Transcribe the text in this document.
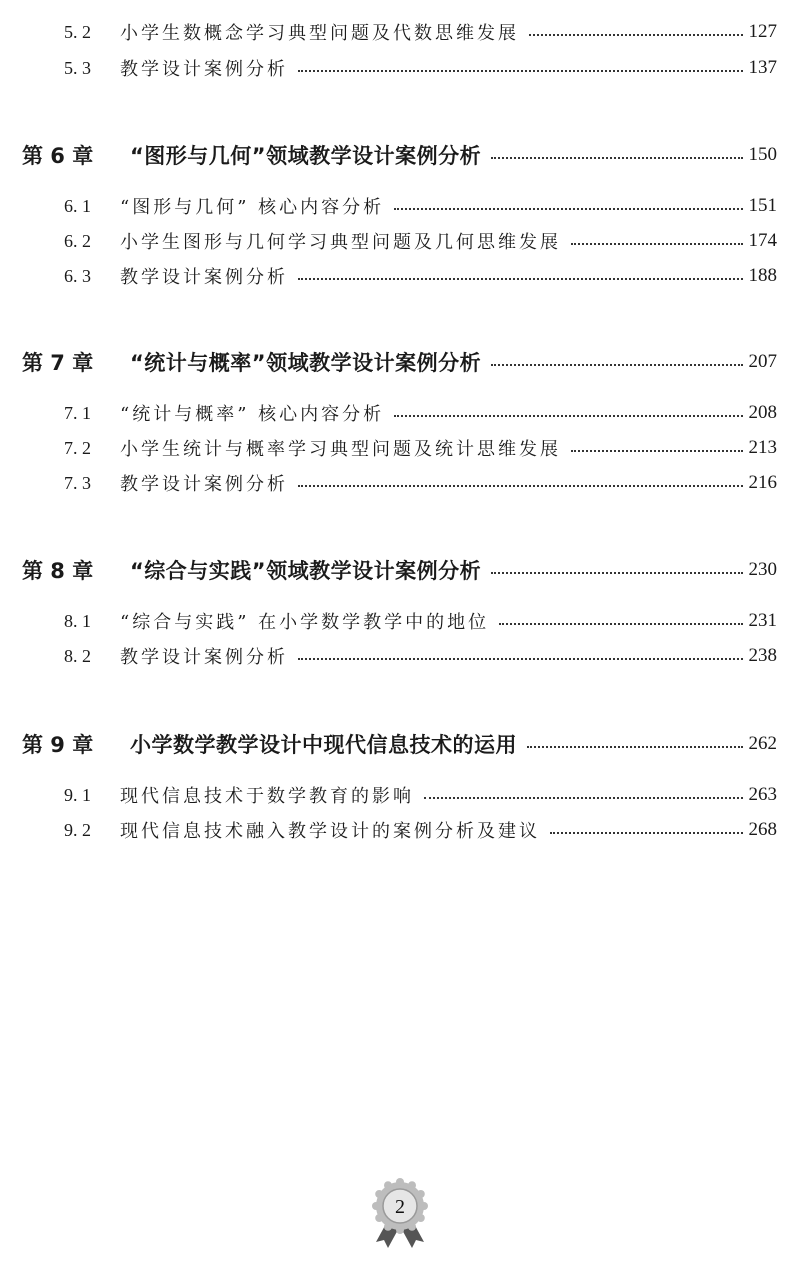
5. 2	小学生数概念学习典型问题及代数思维发展	127
5. 3	教学设计案例分析	137
第 6 章	“图形与几何”领域教学设计案例分析	150
6. 1	“图形与几何” 核心内容分析	151
6. 2	小学生图形与几何学习典型问题及几何思维发展	174
6. 3	教学设计案例分析	188
第 7 章	“统计与概率”领域教学设计案例分析	207
7. 1	“统计与概率” 核心内容分析	208
7. 2	小学生统计与概率学习典型问题及统计思维发展	213
7. 3	教学设计案例分析	216
第 8 章	“综合与实践”领域教学设计案例分析	230
8. 1	“综合与实践” 在小学数学教学中的地位	231
8. 2	教学设计案例分析	238
第 9 章	小学数学教学设计中现代信息技术的运用	262
9. 1	现代信息技术于数学教育的影响	263
9. 2	现代信息技术融入教学设计的案例分析及建议	268
2
